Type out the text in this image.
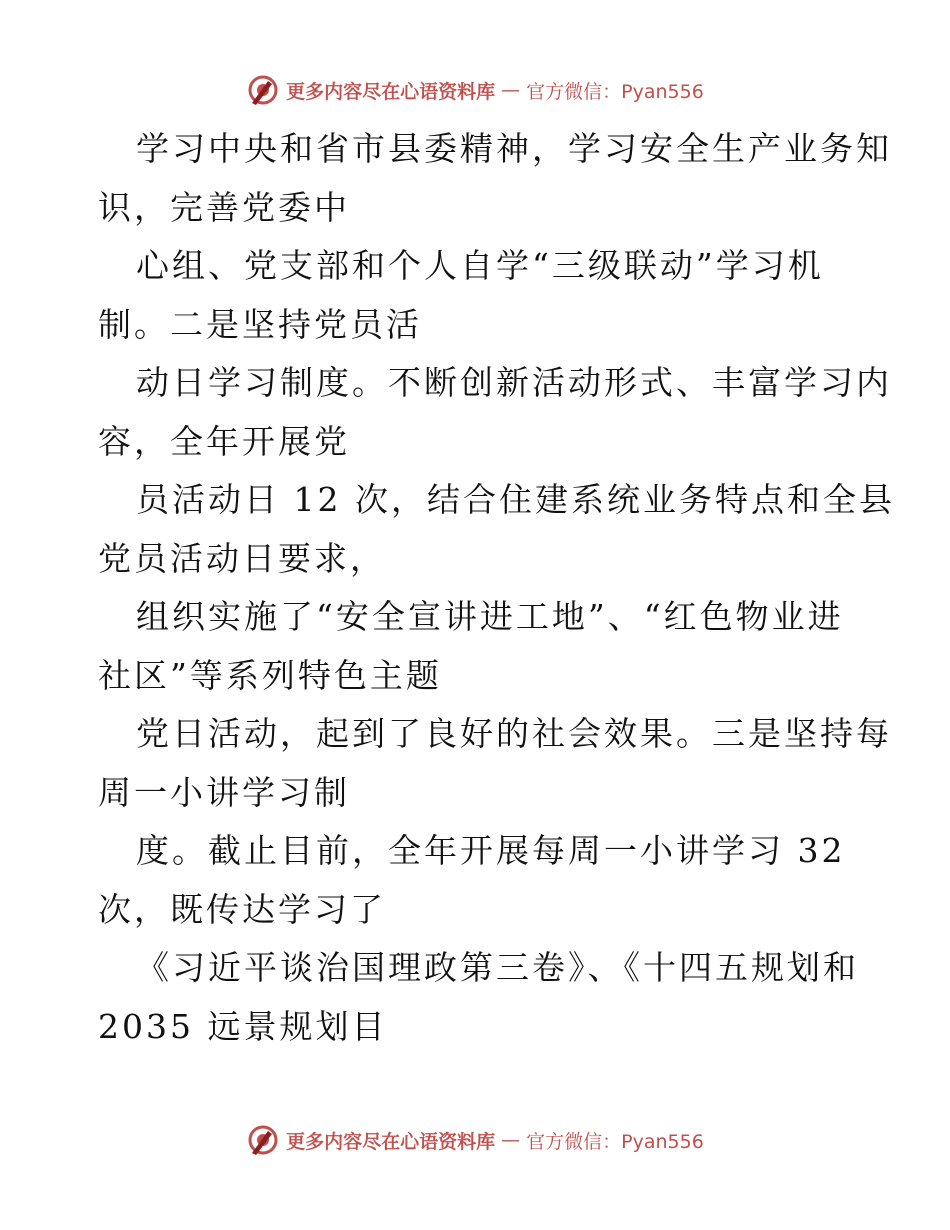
更多内容尽在心语资料库 — 官方微信：Pyan556
学习中央和省市县委精神，学习安全生产业务知
识，完善党委中
心组、党支部和个人自学“三级联动”学习机
制。二是坚持党员活
动日学习制度。不断创新活动形式、丰富学习内
容，全年开展党
员活动日 12 次，结合住建系统业务特点和全县
党员活动日要求，
组织实施了“安全宣讲进工地”、“红色物业进
社区”等系列特色主题
党日活动，起到了良好的社会效果。三是坚持每
周一小讲学习制
度。截止目前，全年开展每周一小讲学习 32
次，既传达学习了
《习近平谈治国理政第三卷》、《十四五规划和
2035 远景规划目
更多内容尽在心语资料库 — 官方微信：Pyan556
